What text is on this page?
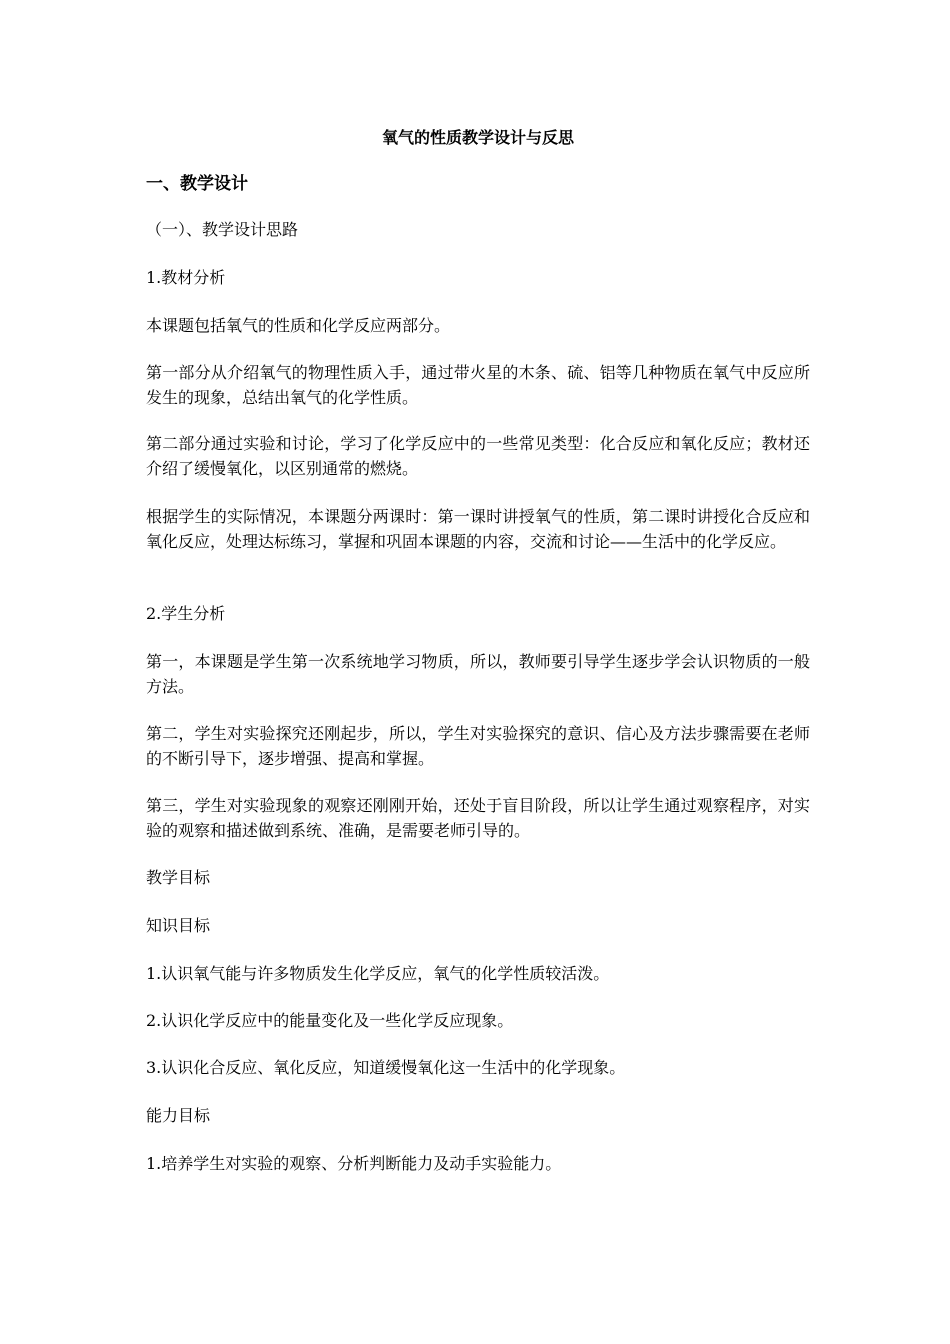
氧气的性质教学设计与反思
一、教学设计

（一）、教学设计思路

1.教材分析

本课题包括氧气的性质和化学反应两部分。

第一部分从介绍氧气的物理性质入手，通过带火星的木条、硫、铝等几种物质在氧气中反应所发生的现象，总结出氧气的化学性质。

第二部分通过实验和讨论，学习了化学反应中的一些常见类型：化合反应和氧化反应；教材还介绍了缓慢氧化，以区别通常的燃烧。

根据学生的实际情况，本课题分两课时：第一课时讲授氧气的性质，第二课时讲授化合反应和氧化反应，处理达标练习，掌握和巩固本课题的内容，交流和讨论——生活中的化学反应。

2.学生分析

第一，本课题是学生第一次系统地学习物质，所以，教师要引导学生逐步学会认识物质的一般方法。

第二，学生对实验探究还刚起步，所以，学生对实验探究的意识、信心及方法步骤需要在老师的不断引导下，逐步增强、提高和掌握。

第三，学生对实验现象的观察还刚刚开始，还处于盲目阶段，所以让学生通过观察程序，对实验的观察和描述做到系统、准确，是需要老师引导的。

教学目标

知识目标

1.认识氧气能与许多物质发生化学反应，氧气的化学性质较活泼。

2.认识化学反应中的能量变化及一些化学反应现象。

3.认识化合反应、氧化反应，知道缓慢氧化这一生活中的化学现象。

能力目标

1.培养学生对实验的观察、分析判断能力及动手实验能力。
